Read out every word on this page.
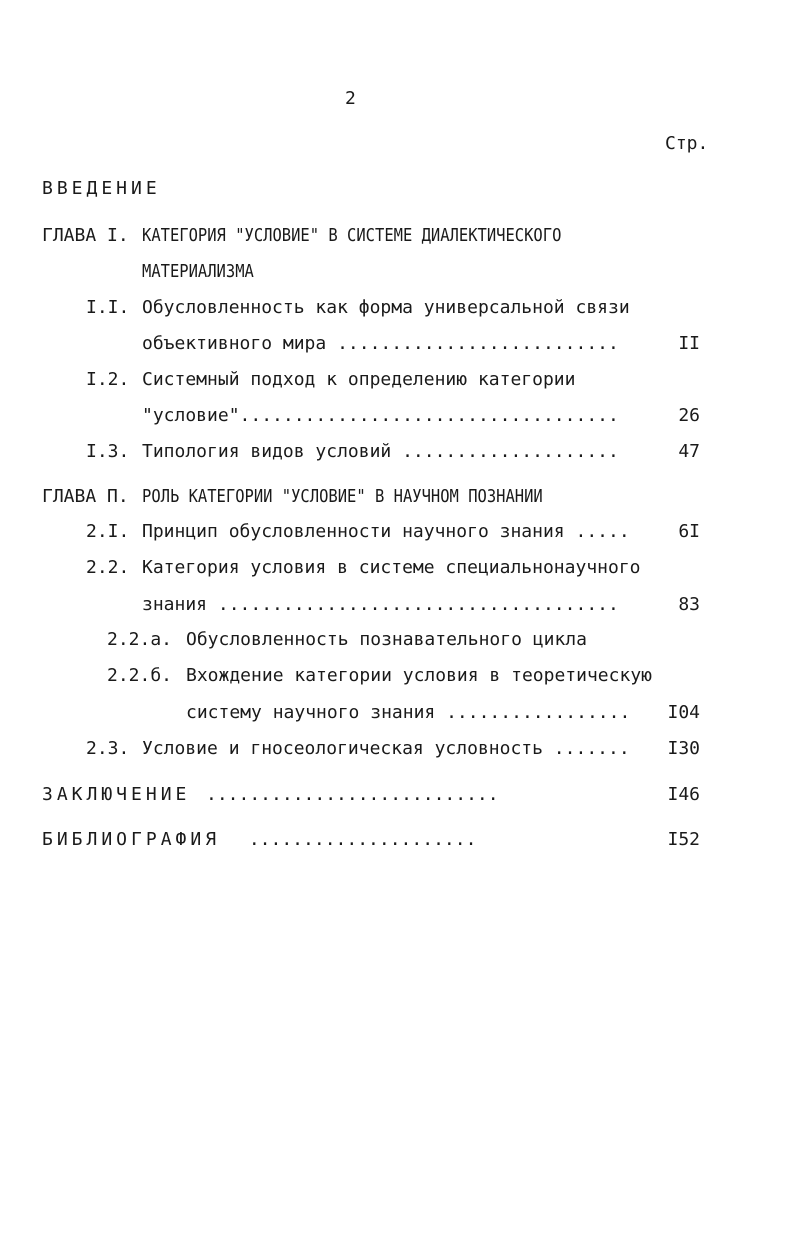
2
Стр.
ВВЕДЕНИЕ
ГЛАВА I. КАТЕГОРИЯ "УСЛОВИЕ" В СИСТЕМЕ ДИАЛЕКТИЧЕСКОГО
МАТЕРИАЛИЗМА
I.I. Обусловленность как форма универсальной связи
объективного мира ..........................	II
I.2. Системный подход к определению категории
"условие"...................................	26
I.3. Типология видов условий ....................	47
ГЛАВА П. РОЛЬ КАТЕГОРИИ "УСЛОВИЕ" В НАУЧНОМ ПОЗНАНИИ
2.I. Принцип обусловленности научного знания .....	6I
2.2. Категория условия в системе специальнонаучного
знания .....................................	83
2.2.а. Обусловленность познавательного цикла
2.2.б. Вхождение категории условия в теоретическую
систему научного знания .................	I04
2.3. Условие и гносеологическая условность .......	I30
ЗАКЛЮЧЕНИЕ ...........................	I46
БИБЛИОГРАФИЯ .....................	I52
